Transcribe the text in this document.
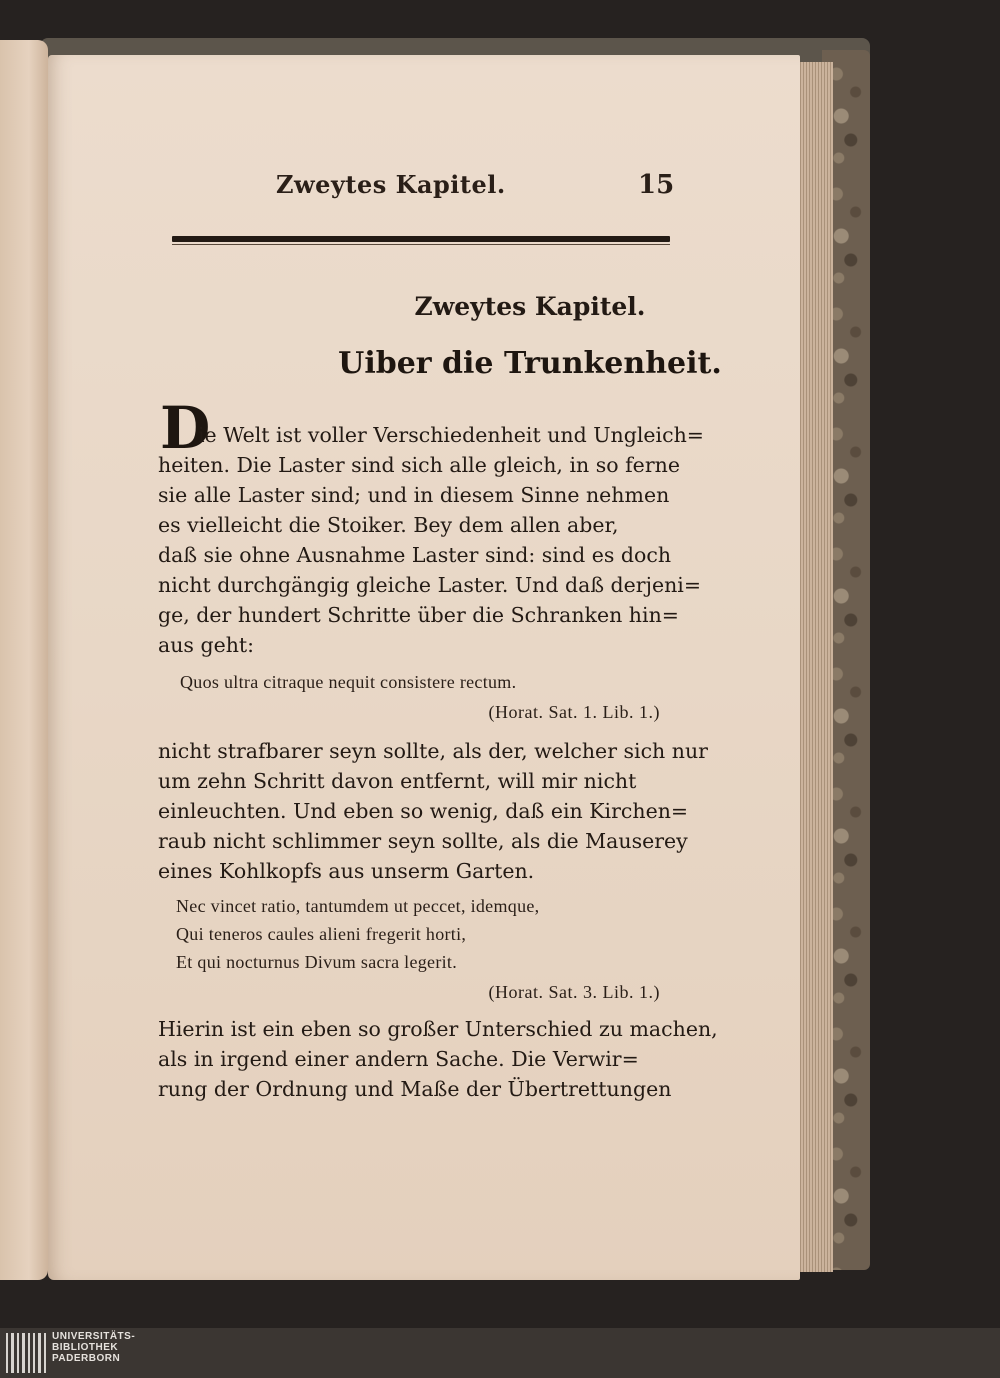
Zweytes Kapitel.	15
Zweytes Kapitel.
Uiber die Trunkenheit.
D
ie Welt ist voller Verschiedenheit und Ungleich=
heiten. Die Laster sind sich alle gleich, in so ferne
sie alle Laster sind; und in diesem Sinne nehmen
es vielleicht die Stoiker. Bey dem allen aber,
daß sie ohne Ausnahme Laster sind: sind es doch
nicht durchgängig gleiche Laster. Und daß derjeni=
ge, der hundert Schritte über die Schranken hin=
aus geht:
Quos ultra citraque nequit consistere rectum.
(Horat. Sat. 1. Lib. 1.)
nicht strafbarer seyn sollte, als der, welcher sich nur
um zehn Schritt davon entfernt, will mir nicht
einleuchten. Und eben so wenig, daß ein Kirchen=
raub nicht schlimmer seyn sollte, als die Mauserey
eines Kohlkopfs aus unserm Garten.
Nec vincet ratio, tantumdem ut peccet, idemque,
Qui teneros caules alieni fregerit horti,
Et qui nocturnus Divum sacra legerit.
(Horat. Sat. 3. Lib. 1.)
Hierin ist ein eben so großer Unterschied zu machen,
als in irgend einer andern Sache. Die Verwir=
rung der Ordnung und Maße der Übertrettungen
UNIVERSITÄTS-
BIBLIOTHEK
PADERBORN
